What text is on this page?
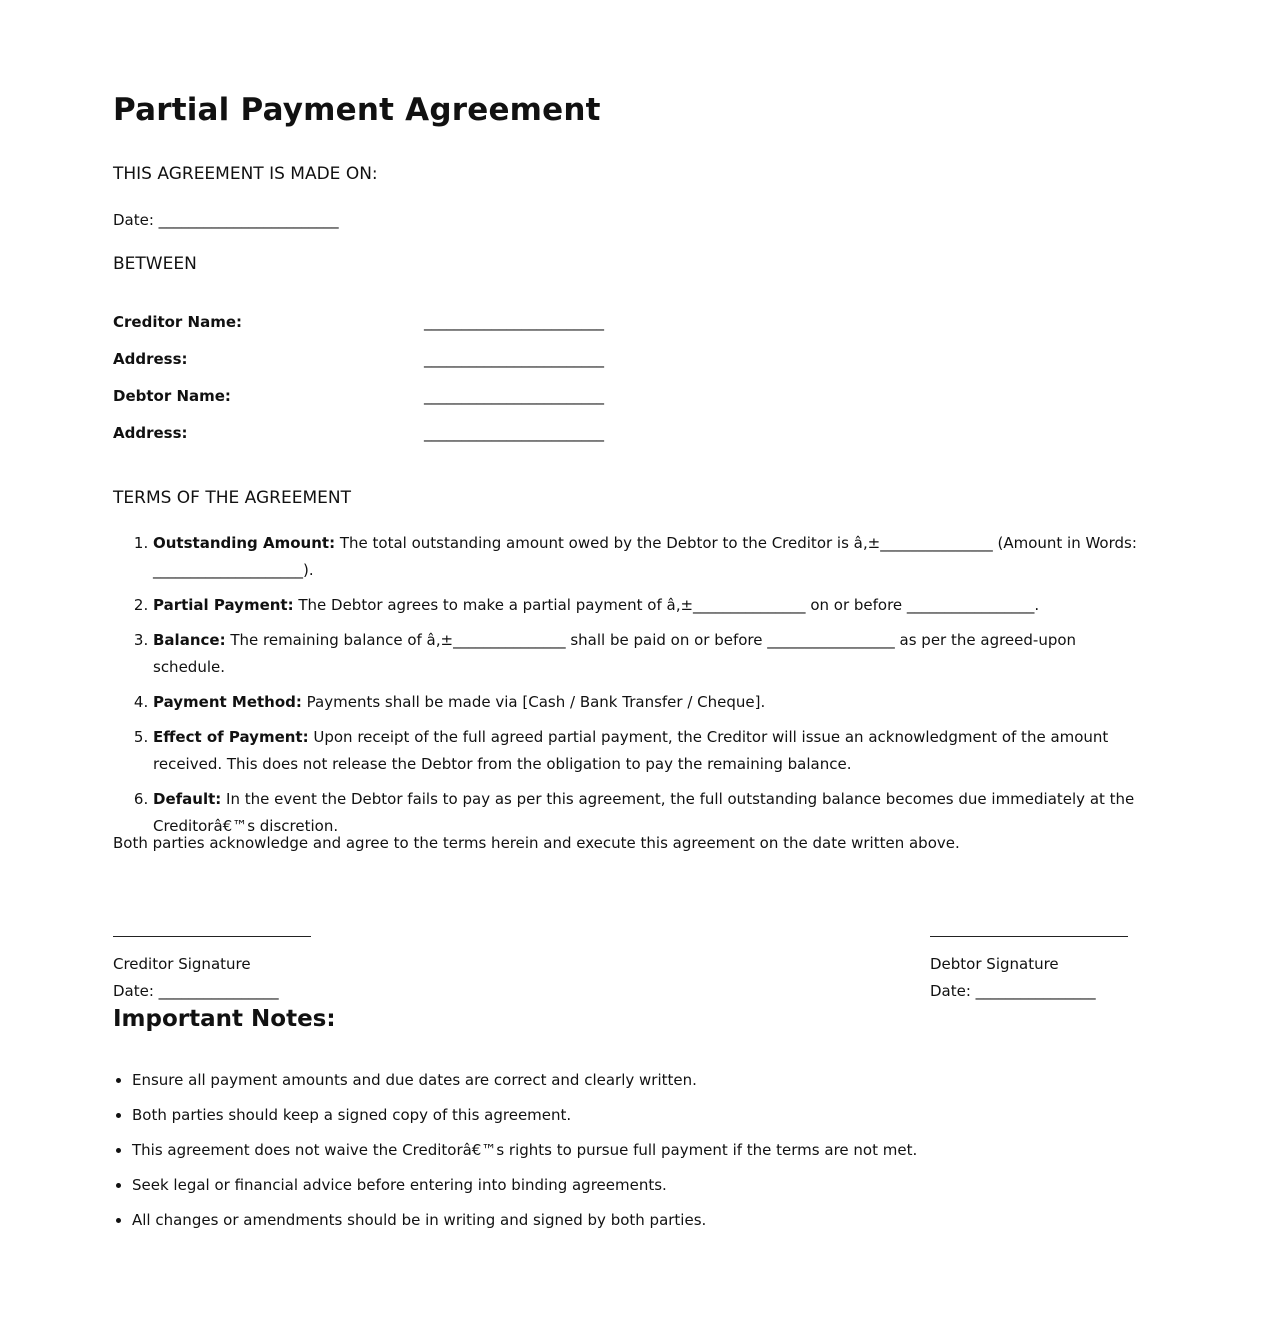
Partial Payment Agreement
THIS AGREEMENT IS MADE ON:
Date: ________________________
BETWEEN
Creditor Name:	________________________
Address:	________________________
Debtor Name:	________________________
Address:	________________________
TERMS OF THE AGREEMENT
1. Outstanding Amount: The total outstanding amount owed by the Debtor to the Creditor is â‚±_______________ (Amount in Words: ____________________).
2. Partial Payment: The Debtor agrees to make a partial payment of â‚±_______________ on or before _________________.
3. Balance: The remaining balance of â‚±_______________ shall be paid on or before _________________ as per the agreed-upon schedule.
4. Payment Method: Payments shall be made via [Cash / Bank Transfer / Cheque].
5. Effect of Payment: Upon receipt of the full agreed partial payment, the Creditor will issue an acknowledgment of the amount received. This does not release the Debtor from the obligation to pay the remaining balance.
6. Default: In the event the Debtor fails to pay as per this agreement, the full outstanding balance becomes due immediately at the Creditorâ€™s discretion.
Both parties acknowledge and agree to the terms herein and execute this agreement on the date written above.
Creditor Signature
Date: ________________
Debtor Signature
Date: ________________
Important Notes:
• Ensure all payment amounts and due dates are correct and clearly written.
• Both parties should keep a signed copy of this agreement.
• This agreement does not waive the Creditorâ€™s rights to pursue full payment if the terms are not met.
• Seek legal or financial advice before entering into binding agreements.
• All changes or amendments should be in writing and signed by both parties.
